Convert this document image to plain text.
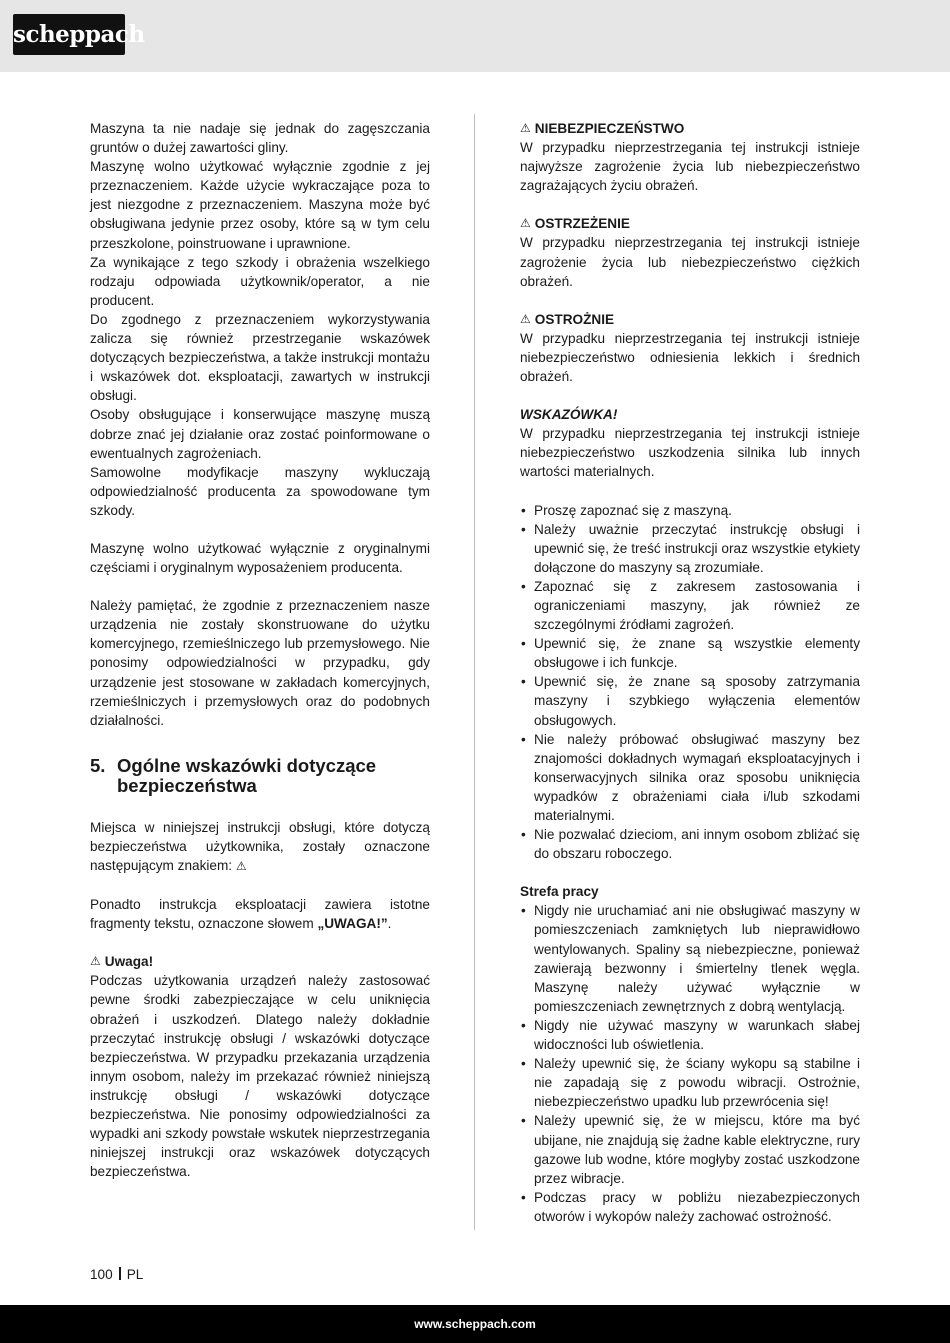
scheppach

Maszyna ta nie nadaje się jednak do zagęszczania gruntów o dużej zawartości gliny.

Maszynę wolno użytkować wyłącznie zgodnie z jej przeznaczeniem. Każde użycie wykraczające poza to jest niezgodne z przeznaczeniem. Maszyna może być obsługiwana jedynie przez osoby, które są w tym celu przeszkolone, poinstruowane i uprawnione.

Za wynikające z tego szkody i obrażenia wszelkiego rodzaju odpowiada użytkownik/operator, a nie producent.

Do zgodnego z przeznaczeniem wykorzystywania zalicza się również przestrzeganie wskazówek dotyczących bezpieczeństwa, a także instrukcji montażu i wskazówek dot. eksploatacji, zawartych w instrukcji obsługi.

Osoby obsługujące i konserwujące maszynę muszą dobrze znać jej działanie oraz zostać poinformowane o ewentualnych zagrożeniach.

Samowolne modyfikacje maszyny wykluczają odpowiedzialność producenta za spowodowane tym szkody.

Maszynę wolno użytkować wyłącznie z oryginalnymi częściami i oryginalnym wyposażeniem producenta.

Należy pamiętać, że zgodnie z przeznaczeniem nasze urządzenia nie zostały skonstruowane do użytku komercyjnego, rzemieślniczego lub przemysłowego. Nie ponosimy odpowiedzialności w przypadku, gdy urządzenie jest stosowane w zakładach komercyjnych, rzemieślniczych i przemysłowych oraz do podobnych działalności.

5. Ogólne wskazówki dotyczące bezpieczeństwa

Miejsca w niniejszej instrukcji obsługi, które dotyczą bezpieczeństwa użytkownika, zostały oznaczone następującym znakiem: ⚠

Ponadto instrukcja eksploatacji zawiera istotne fragmenty tekstu, oznaczone słowem „UWAGA!”.

⚠ Uwaga!

Podczas użytkowania urządzeń należy zastosować pewne środki zabezpieczające w celu uniknięcia obrażeń i uszkodzeń. Dlatego należy dokładnie przeczytać instrukcję obsługi / wskazówki dotyczące bezpieczeństwa. W przypadku przekazania urządzenia innym osobom, należy im przekazać również niniejszą instrukcję obsługi / wskazówki dotyczące bezpieczeństwa. Nie ponosimy odpowiedzialności za wypadki ani szkody powstałe wskutek nieprzestrzegania niniejszej instrukcji oraz wskazówek dotyczących bezpieczeństwa.

⚠ NIEBEZPIECZEŃSTWO

W przypadku nieprzestrzegania tej instrukcji istnieje najwyższe zagrożenie życia lub niebezpieczeństwo zagrażających życiu obrażeń.

⚠ OSTRZEŻENIE

W przypadku nieprzestrzegania tej instrukcji istnieje zagrożenie życia lub niebezpieczeństwo ciężkich obrażeń.

⚠ OSTROŻNIE

W przypadku nieprzestrzegania tej instrukcji istnieje niebezpieczeństwo odniesienia lekkich i średnich obrażeń.

WSKAZÓWKA!

W przypadku nieprzestrzegania tej instrukcji istnieje niebezpieczeństwo uszkodzenia silnika lub innych wartości materialnych.

• Proszę zapoznać się z maszyną.
• Należy uważnie przeczytać instrukcję obsługi i upewnić się, że treść instrukcji oraz wszystkie etykiety dołączone do maszyny są zrozumiałe.
• Zapoznać się z zakresem zastosowania i ograniczeniami maszyny, jak również ze szczególnymi źródłami zagrożeń.
• Upewnić się, że znane są wszystkie elementy obsługowe i ich funkcje.
• Upewnić się, że znane są sposoby zatrzymania maszyny i szybkiego wyłączenia elementów obsługowych.
• Nie należy próbować obsługiwać maszyny bez znajomości dokładnych wymagań eksploatacyjnych i konserwacyjnych silnika oraz sposobu uniknięcia wypadków z obrażeniami ciała i/lub szkodami materialnymi.
• Nie pozwalać dzieciom, ani innym osobom zbliżać się do obszaru roboczego.
Strefa pracy
• Nigdy nie uruchamiać ani nie obsługiwać maszyny w pomieszczeniach zamkniętych lub nieprawidłowo wentylowanych. Spaliny są niebezpieczne, ponieważ zawierają bezwonny i śmiertelny tlenek węgla. Maszynę należy używać wyłącznie w pomieszczeniach zewnętrznych z dobrą wentylacją.
• Nigdy nie używać maszyny w warunkach słabej widoczności lub oświetlenia.
• Należy upewnić się, że ściany wykopu są stabilne i nie zapadają się z powodu wibracji. Ostrożnie, niebezpieczeństwo upadku lub przewrócenia się!
• Należy upewnić się, że w miejscu, które ma być ubijane, nie znajdują się żadne kable elektryczne, rury gazowe lub wodne, które mogłyby zostać uszkodzone przez wibracje.
• Podczas pracy w pobliżu niezabezpieczonych otworów i wykopów należy zachować ostrożność.
100 PL
www.scheppach.com
